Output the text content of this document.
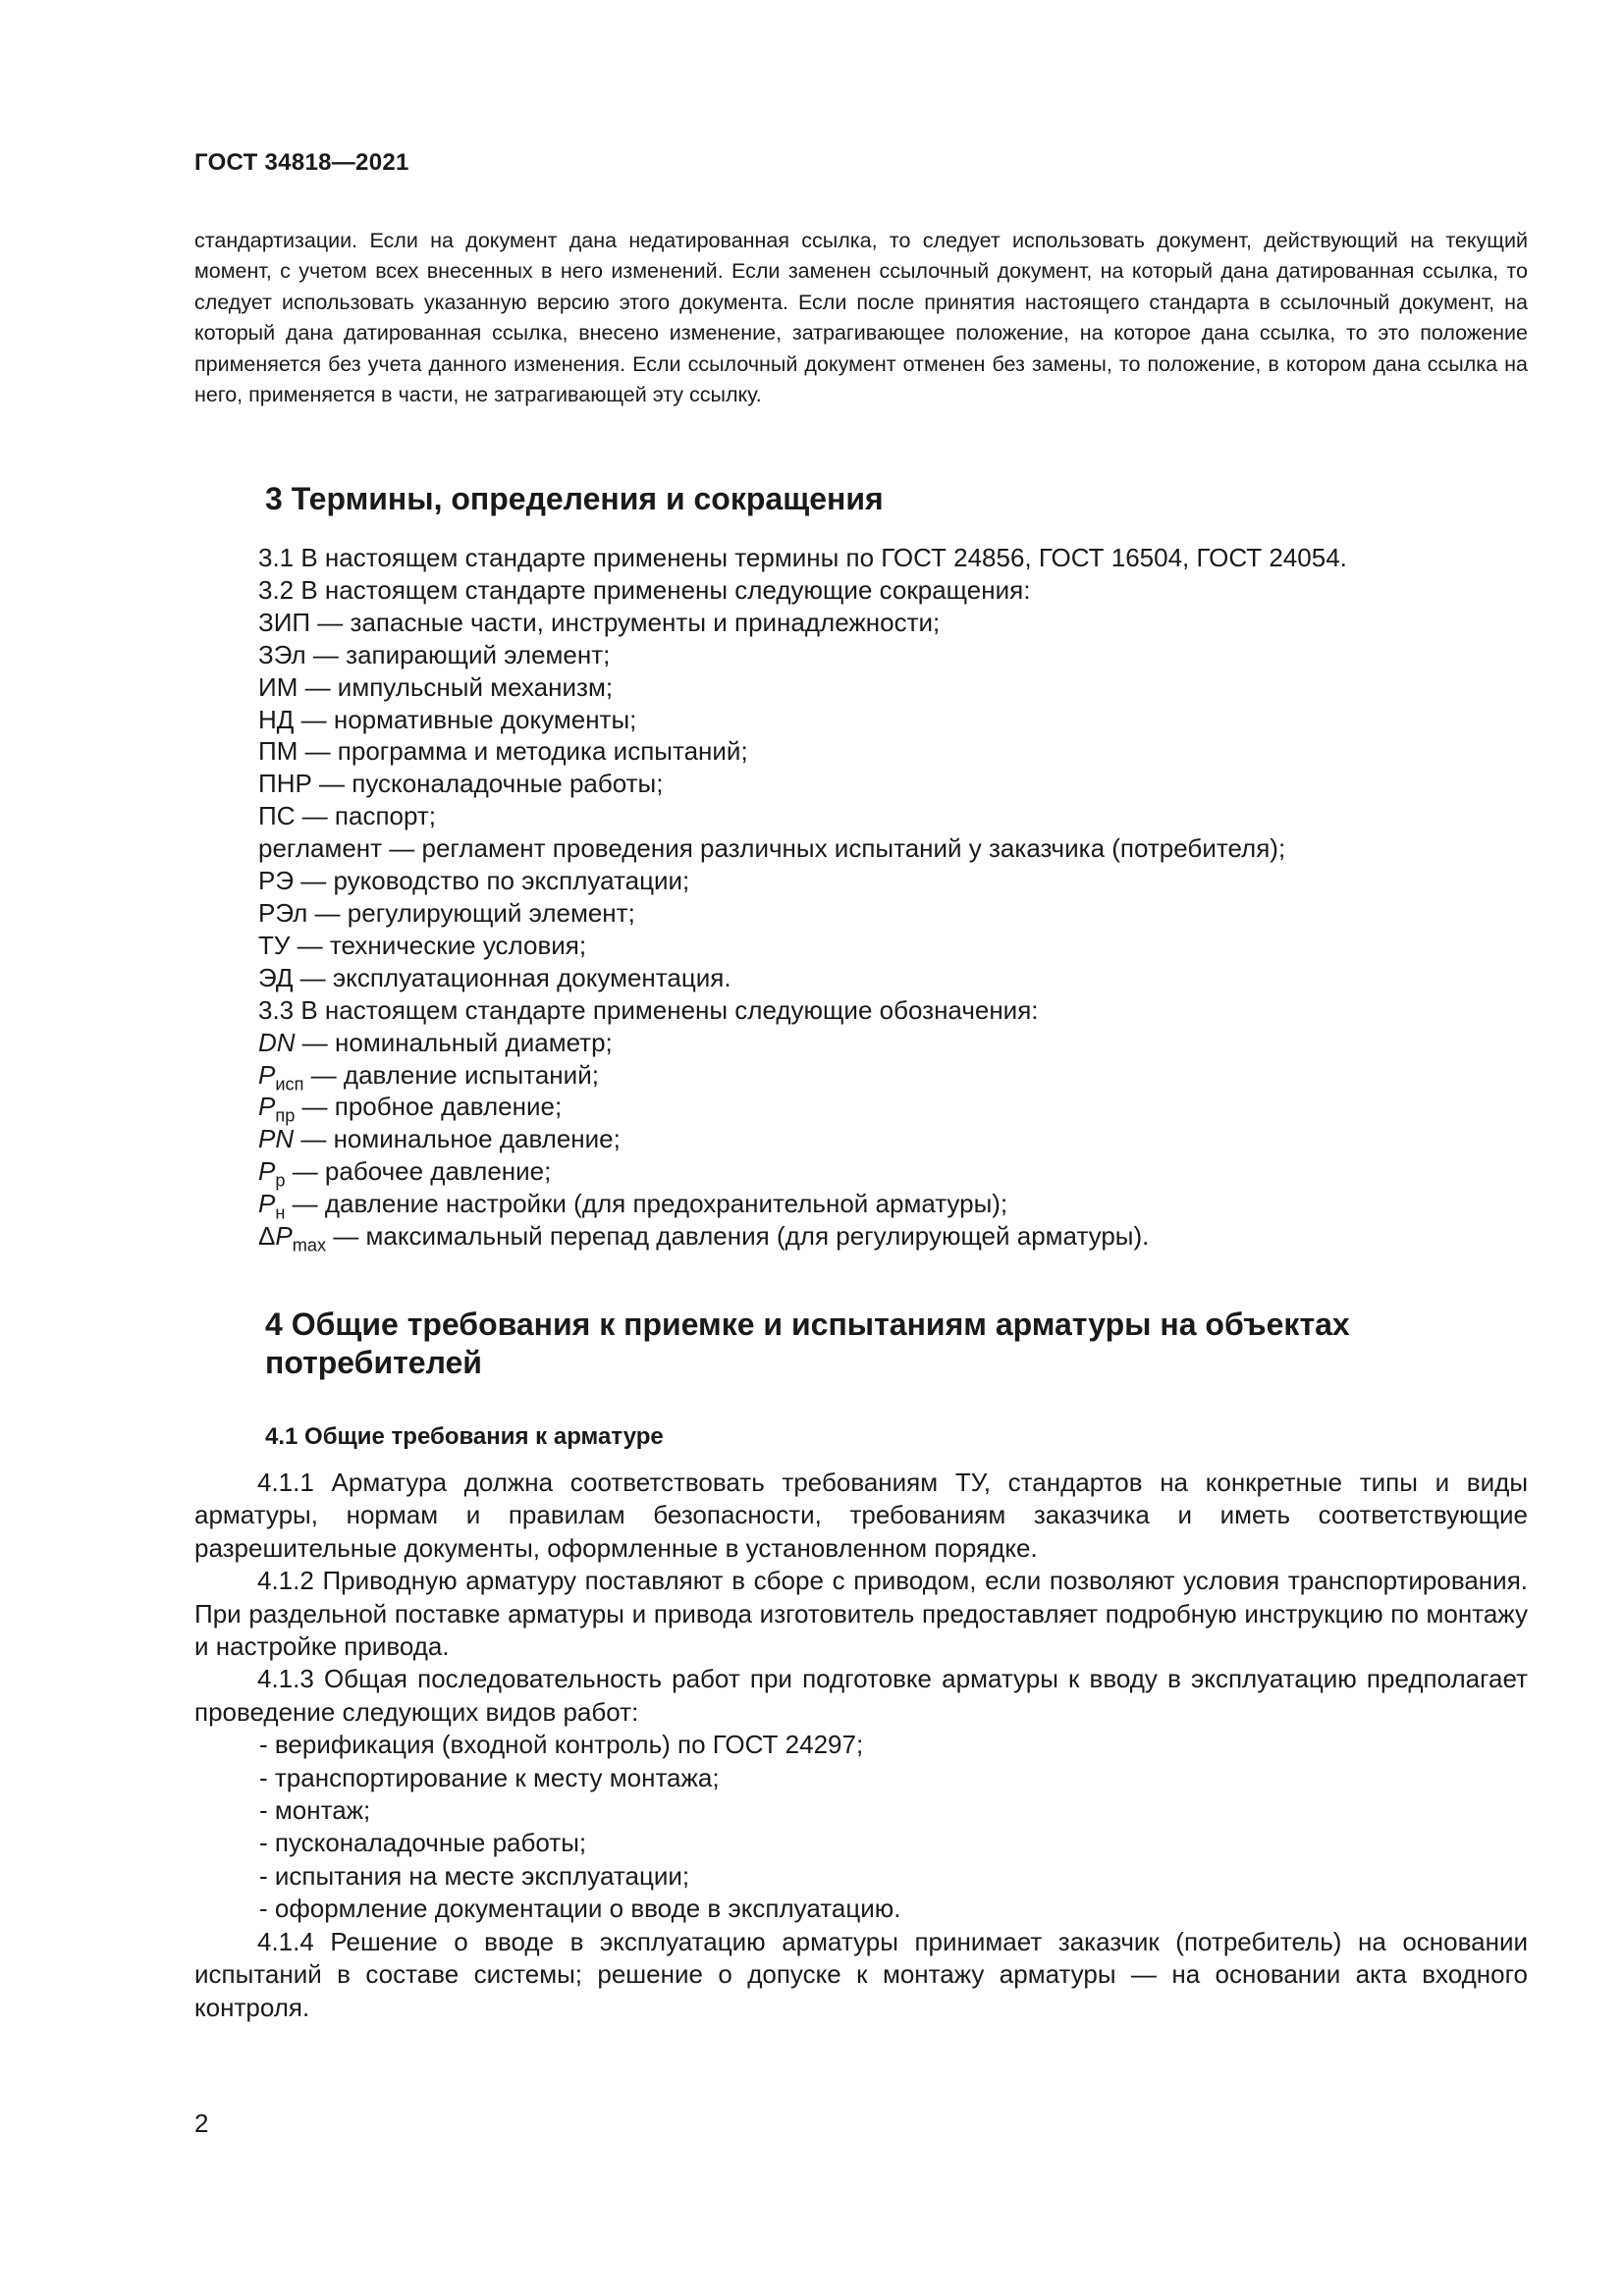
ГОСТ 34818—2021

стандартизации. Если на документ дана недатированная ссылка, то следует использовать документ, действующий на текущий момент, с учетом всех внесенных в него изменений. Если заменен ссылочный документ, на который дана датированная ссылка, то следует использовать указанную версию этого документа. Если после принятия настоящего стандарта в ссылочный документ, на который дана датированная ссылка, внесено изменение, затрагивающее положение, на которое дана ссылка, то это положение применяется без учета данного изменения. Если ссылочный документ отменен без замены, то положение, в котором дана ссылка на него, применяется в части, не затрагивающей эту ссылку.

3 Термины, определения и сокращения
3.1 В настоящем стандарте применены термины по ГОСТ 24856, ГОСТ 16504, ГОСТ 24054.
3.2 В настоящем стандарте применены следующие сокращения:
ЗИП — запасные части, инструменты и принадлежности;
ЗЭл — запирающий элемент;
ИМ — импульсный механизм;
НД — нормативные документы;
ПМ — программа и методика испытаний;
ПНР — пусконаладочные работы;
ПС — паспорт;
регламент — регламент проведения различных испытаний у заказчика (потребителя);
РЭ — руководство по эксплуатации;
РЭл — регулирующий элемент;
ТУ — технические условия;
ЭД — эксплуатационная документация.
3.3 В настоящем стандарте применены следующие обозначения:
DN — номинальный диаметр;
$P_{исп}$ — давление испытаний;
$P_{пр}$ — пробное давление;
PN — номинальное давление;
$P_р$ — рабочее давление;
$P_н$ — давление настройки (для предохранительной арматуры);
$\Delta P_{max}$ — максимальный перепад давления (для регулирующей арматуры).
4 Общие требования к приемке и испытаниям арматуры на объектах потребителей
4.1 Общие требования к арматуре

4.1.1 Арматура должна соответствовать требованиям ТУ, стандартов на конкретные типы и виды арматуры, нормам и правилам безопасности, требованиям заказчика и иметь соответствующие разрешительные документы, оформленные в установленном порядке.

4.1.2 Приводную арматуру поставляют в сборе с приводом, если позволяют условия транспортирования. При раздельной поставке арматуры и привода изготовитель предоставляет подробную инструкцию по монтажу и настройке привода.

4.1.3 Общая последовательность работ при подготовке арматуры к вводу в эксплуатацию предполагает проведение следующих видов работ:

- верификация (входной контроль) по ГОСТ 24297;
- транспортирование к месту монтажа;
- монтаж;
- пусконаладочные работы;
- испытания на месте эксплуатации;
- оформление документации о вводе в эксплуатацию.

4.1.4 Решение о вводе в эксплуатацию арматуры принимает заказчик (потребитель) на основании испытаний в составе системы; решение о допуске к монтажу арматуры — на основании акта входного контроля.

2
